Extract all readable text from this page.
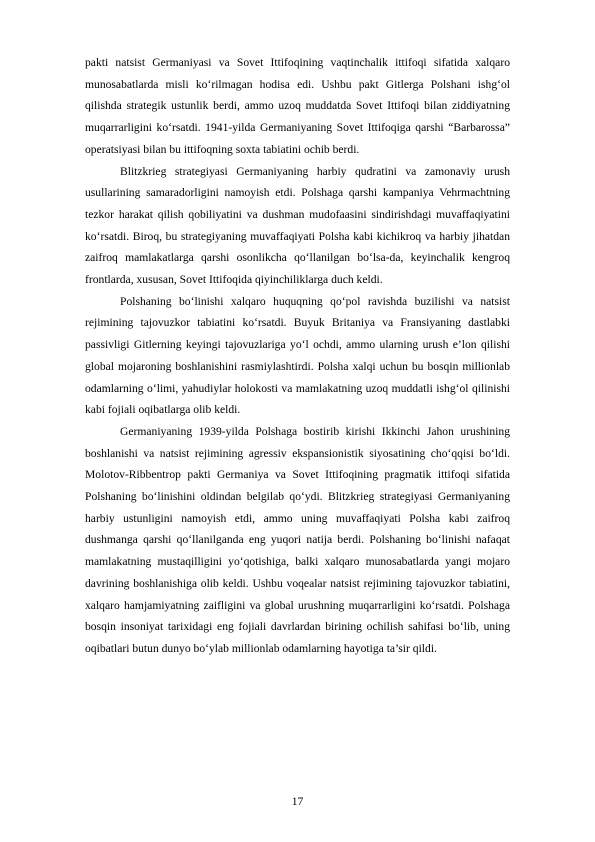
pakti natsist Germaniyasi va Sovet Ittifoqining vaqtinchalik ittifoqi sifatida xalqaro munosabatlarda misli ko‘rilmagan hodisa edi. Ushbu pakt Gitlerga Polshani ishg‘ol qilishda strategik ustunlik berdi, ammo uzoq muddatda Sovet Ittifoqi bilan ziddiyatning muqarrarligini ko‘rsatdi. 1941-yilda Germaniyaning Sovet Ittifoqiga qarshi “Barbarossa” operatsiyasi bilan bu ittifoqning soxta tabiatini ochib berdi.

Blitzkrieg strategiyasi Germaniyaning harbiy qudratini va zamonaviy urush usullarining samaradorligini namoyish etdi. Polshaga qarshi kampaniya Vehrmachtning tezkor harakat qilish qobiliyatini va dushman mudofaasini sindirishdagi muvaffaqiyatini ko‘rsatdi. Biroq, bu strategiyaning muvaffaqiyati Polsha kabi kichikroq va harbiy jihatdan zaifroq mamlakatlarga qarshi osonlikcha qo‘llanilgan bo‘lsa-da, keyinchalik kengroq frontlarda, xususan, Sovet Ittifoqida qiyinchiliklarga duch keldi.

Polshaning bo‘linishi xalqaro huquqning qo‘pol ravishda buzilishi va natsist rejimining tajovuzkor tabiatini ko‘rsatdi. Buyuk Britaniya va Fransiyaning dastlabki passivligi Gitlerning keyingi tajovuzlariga yo‘l ochdi, ammo ularning urush e’lon qilishi global mojaroning boshlanishini rasmiylashtirdi. Polsha xalqi uchun bu bosqin millionlab odamlarning o‘limi, yahudiylar holokosti va mamlakatning uzoq muddatli ishg‘ol qilinishi kabi fojiali oqibatlarga olib keldi.

Germaniyaning 1939-yilda Polshaga bostirib kirishi Ikkinchi Jahon urushining boshlanishi va natsist rejimining agressiv ekspansionistik siyosatining cho‘qqisi bo‘ldi. Molotov-Ribbentrop pakti Germaniya va Sovet Ittifoqining pragmatik ittifoqi sifatida Polshaning bo‘linishini oldindan belgilab qo‘ydi. Blitzkrieg strategiyasi Germaniyaning harbiy ustunligini namoyish etdi, ammo uning muvaffaqiyati Polsha kabi zaifroq dushmanga qarshi qo‘llanilganda eng yuqori natija berdi. Polshaning bo‘linishi nafaqat mamlakatning mustaqilligini yo‘qotishiga, balki xalqaro munosabatlarda yangi mojaro davrining boshlanishiga olib keldi. Ushbu voqealar natsist rejimining tajovuzkor tabiatini, xalqaro hamjamiyatning zaifligini va global urushning muqarrarligini ko‘rsatdi. Polshaga bosqin insoniyat tarixidagi eng fojiali davrlardan birining ochilish sahifasi bo‘lib, uning oqibatlari butun dunyo bo‘ylab millionlab odamlarning hayotiga ta’sir qildi.

17
